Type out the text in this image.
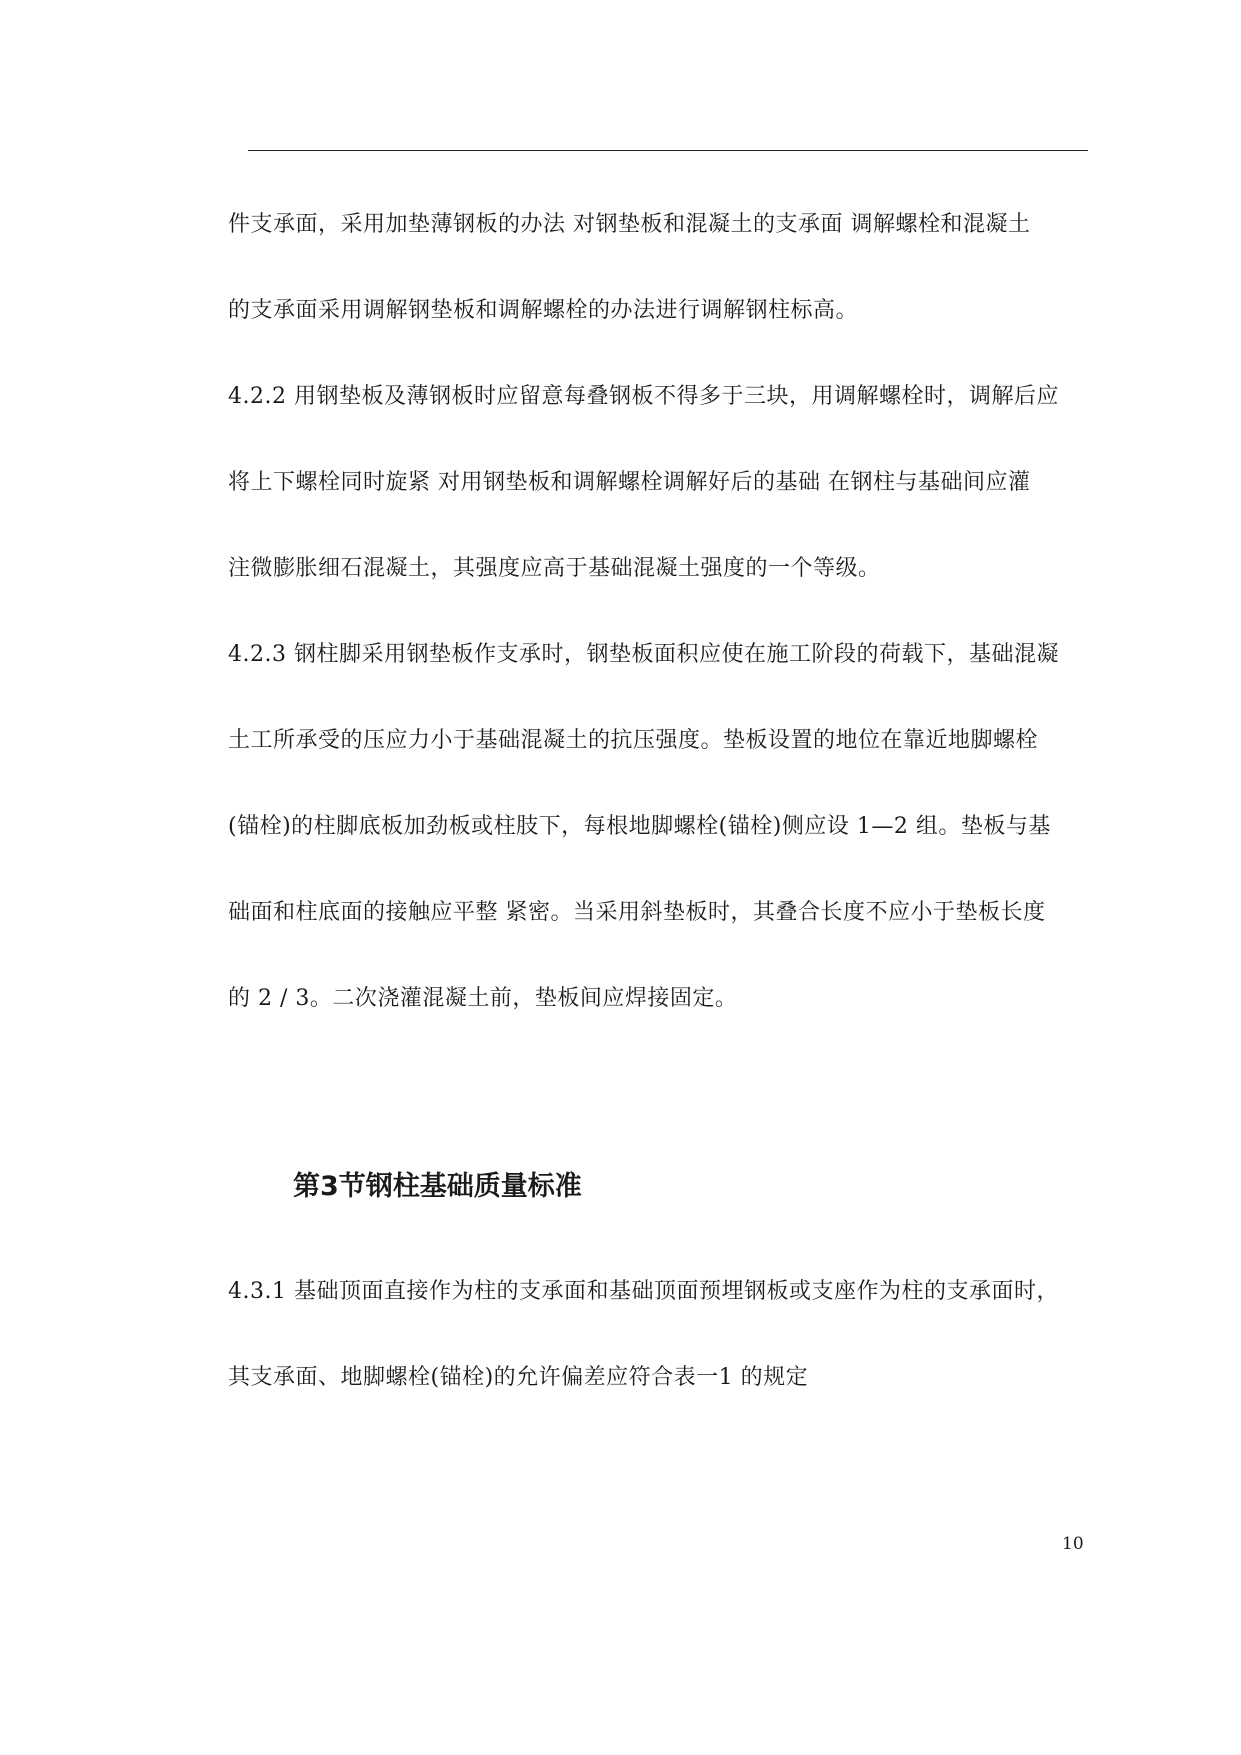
件支承面，采用加垫薄钢板的办法 对钢垫板和混凝土的支承面 调解螺栓和混凝土
的支承面采用调解钢垫板和调解螺栓的办法进行调解钢柱标高。
4.2.2 用钢垫板及薄钢板时应留意每叠钢板不得多于三块，用调解螺栓时，调解后应
将上下螺栓同时旋紧 对用钢垫板和调解螺栓调解好后的基础 在钢柱与基础间应灌
注微膨胀细石混凝土，其强度应高于基础混凝土强度的一个等级。
4.2.3 钢柱脚采用钢垫板作支承时，钢垫板面积应使在施工阶段的荷载下，基础混凝
土工所承受的压应力小于基础混凝土的抗压强度。垫板设置的地位在靠近地脚螺栓
(锚栓)的柱脚底板加劲板或柱肢下，每根地脚螺栓(锚栓)侧应设 1—2 组。垫板与基
础面和柱底面的接触应平整 紧密。当采用斜垫板时，其叠合长度不应小于垫板长度
的 2 / 3。二次浇灌混凝土前，垫板间应焊接固定。
第3节钢柱基础质量标准
4.3.1 基础顶面直接作为柱的支承面和基础顶面预埋钢板或支座作为柱的支承面时，
其支承面、地脚螺栓(锚栓)的允许偏差应符合表一1 的规定
10
